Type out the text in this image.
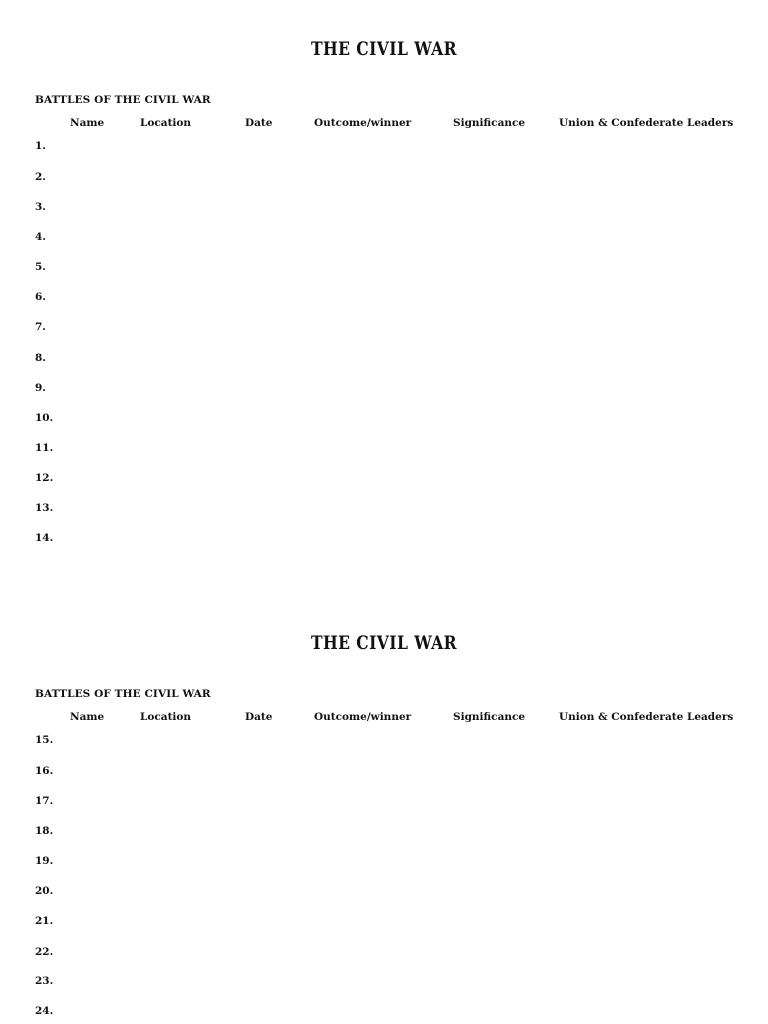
THE CIVIL WAR
BATTLES OF THE CIVIL WAR
Name	Location	Date	Outcome/winner	Significance	Union & Confederate Leaders
1.
2.
3.
4.
5.
6.
7.
8.
9.
10.
11.
12.
13.
14.
THE CIVIL WAR
BATTLES OF THE CIVIL WAR
Name	Location	Date	Outcome/winner	Significance	Union & Confederate Leaders
15.
16.
17.
18.
19.
20.
21.
22.
23.
24.
